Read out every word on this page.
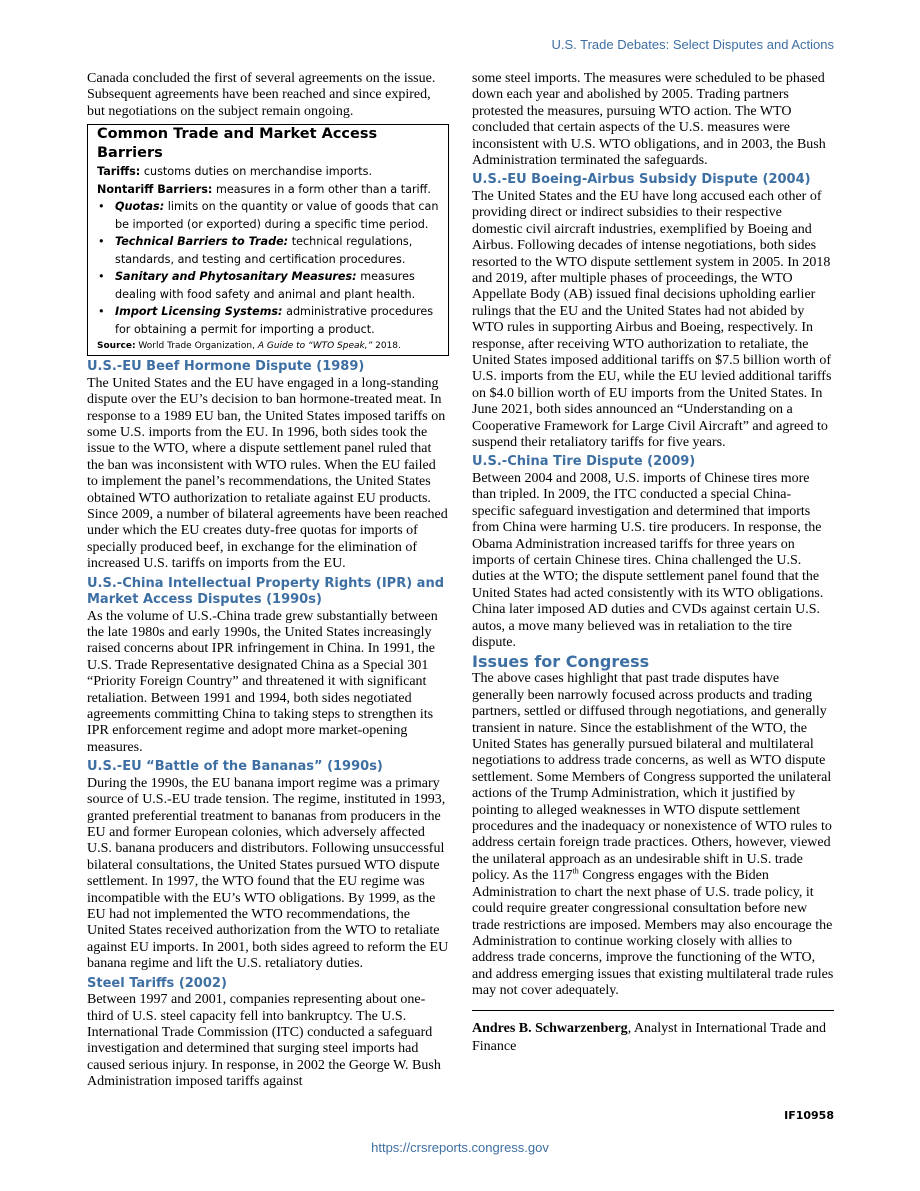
U.S. Trade Debates: Select Disputes and Actions

Canada concluded the first of several agreements on the issue. Subsequent agreements have been reached and since expired, but negotiations on the subject remain ongoing.

Common Trade and Market Access Barriers

Tariffs: customs duties on merchandise imports.

Nontariff Barriers: measures in a form other than a tariff.

• Quotas: limits on the quantity or value of goods that can be imported (or exported) during a specific time period.
• Technical Barriers to Trade: technical regulations, standards, and testing and certification procedures.
• Sanitary and Phytosanitary Measures: measures dealing with food safety and animal and plant health.
• Import Licensing Systems: administrative procedures for obtaining a permit for importing a product.
Source: World Trade Organization, A Guide to “WTO Speak,” 2018.
U.S.-EU Beef Hormone Dispute (1989)

The United States and the EU have engaged in a long-standing dispute over the EU’s decision to ban hormone-treated meat. In response to a 1989 EU ban, the United States imposed tariffs on some U.S. imports from the EU. In 1996, both sides took the issue to the WTO, where a dispute settlement panel ruled that the ban was inconsistent with WTO rules. When the EU failed to implement the panel’s recommendations, the United States obtained WTO authorization to retaliate against EU products. Since 2009, a number of bilateral agreements have been reached under which the EU creates duty-free quotas for imports of specially produced beef, in exchange for the elimination of increased U.S. tariffs on imports from the EU.

U.S.-China Intellectual Property Rights (IPR) and Market Access Disputes (1990s)

As the volume of U.S.-China trade grew substantially between the late 1980s and early 1990s, the United States increasingly raised concerns about IPR infringement in China. In 1991, the U.S. Trade Representative designated China as a Special 301 “Priority Foreign Country” and threatened it with significant retaliation. Between 1991 and 1994, both sides negotiated agreements committing China to taking steps to strengthen its IPR enforcement regime and adopt more market-opening measures.

U.S.-EU “Battle of the Bananas” (1990s)

During the 1990s, the EU banana import regime was a primary source of U.S.-EU trade tension. The regime, instituted in 1993, granted preferential treatment to bananas from producers in the EU and former European colonies, which adversely affected U.S. banana producers and distributors. Following unsuccessful bilateral consultations, the United States pursued WTO dispute settlement. In 1997, the WTO found that the EU regime was incompatible with the EU’s WTO obligations. By 1999, as the EU had not implemented the WTO recommendations, the United States received authorization from the WTO to retaliate against EU imports. In 2001, both sides agreed to reform the EU banana regime and lift the U.S. retaliatory duties.

Steel Tariffs (2002)

Between 1997 and 2001, companies representing about one-third of U.S. steel capacity fell into bankruptcy. The U.S. International Trade Commission (ITC) conducted a safeguard investigation and determined that surging steel imports had caused serious injury. In response, in 2002 the George W. Bush Administration imposed tariffs against

some steel imports. The measures were scheduled to be phased down each year and abolished by 2005. Trading partners protested the measures, pursuing WTO action. The WTO concluded that certain aspects of the U.S. measures were inconsistent with U.S. WTO obligations, and in 2003, the Bush Administration terminated the safeguards.

U.S.-EU Boeing-Airbus Subsidy Dispute (2004)

The United States and the EU have long accused each other of providing direct or indirect subsidies to their respective domestic civil aircraft industries, exemplified by Boeing and Airbus. Following decades of intense negotiations, both sides resorted to the WTO dispute settlement system in 2005. In 2018 and 2019, after multiple phases of proceedings, the WTO Appellate Body (AB) issued final decisions upholding earlier rulings that the EU and the United States had not abided by WTO rules in supporting Airbus and Boeing, respectively. In response, after receiving WTO authorization to retaliate, the United States imposed additional tariffs on $7.5 billion worth of U.S. imports from the EU, while the EU levied additional tariffs on $4.0 billion worth of EU imports from the United States. In June 2021, both sides announced an “Understanding on a Cooperative Framework for Large Civil Aircraft” and agreed to suspend their retaliatory tariffs for five years.

U.S.-China Tire Dispute (2009)

Between 2004 and 2008, U.S. imports of Chinese tires more than tripled. In 2009, the ITC conducted a special China-specific safeguard investigation and determined that imports from China were harming U.S. tire producers. In response, the Obama Administration increased tariffs for three years on imports of certain Chinese tires. China challenged the U.S. duties at the WTO; the dispute settlement panel found that the United States had acted consistently with its WTO obligations. China later imposed AD duties and CVDs against certain U.S. autos, a move many believed was in retaliation to the tire dispute.

Issues for Congress

The above cases highlight that past trade disputes have generally been narrowly focused across products and trading partners, settled or diffused through negotiations, and generally transient in nature. Since the establishment of the WTO, the United States has generally pursued bilateral and multilateral negotiations to address trade concerns, as well as WTO dispute settlement. Some Members of Congress supported the unilateral actions of the Trump Administration, which it justified by pointing to alleged weaknesses in WTO dispute settlement procedures and the inadequacy or nonexistence of WTO rules to address certain foreign trade practices. Others, however, viewed the unilateral approach as an undesirable shift in U.S. trade policy. As the 117th Congress engages with the Biden Administration to chart the next phase of U.S. trade policy, it could require greater congressional consultation before new trade restrictions are imposed. Members may also encourage the Administration to continue working closely with allies to address trade concerns, improve the functioning of the WTO, and address emerging issues that existing multilateral trade rules may not cover adequately.

Andres B. Schwarzenberg, Analyst in International Trade and Finance
IF10958
https://crsreports.congress.gov
